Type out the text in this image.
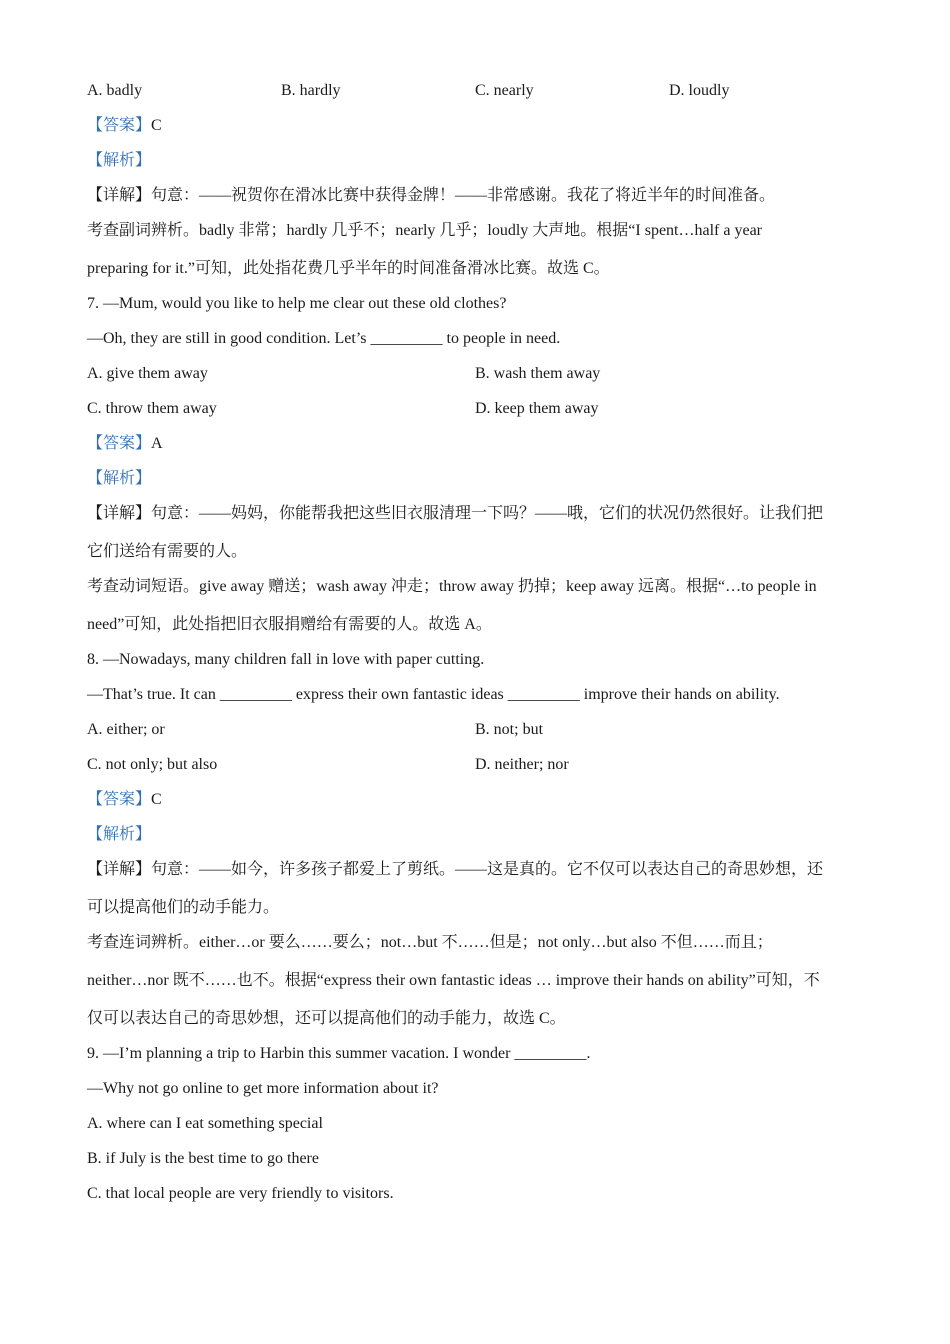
A. badly	B. hardly	C. nearly	D. loudly
【答案】C
【解析】
【详解】句意：——祝贺你在滑冰比赛中获得金牌！——非常感谢。我花了将近半年的时间准备。
考查副词辨析。badly 非常；hardly 几乎不；nearly 几乎；loudly 大声地。根据“I spent…half a year
preparing for it.”可知，此处指花费几乎半年的时间准备滑冰比赛。故选 C。
7. —Mum, would you like to help me clear out these old clothes?
—Oh, they are still in good condition. Let’s _________ to people in need.
A. give them away	B. wash them away
C. throw them away	D. keep them away
【答案】A
【解析】
【详解】句意：——妈妈，你能帮我把这些旧衣服清理一下吗？——哦，它们的状况仍然很好。让我们把
它们送给有需要的人。
考查动词短语。give away 赠送；wash away 冲走；throw away 扔掉；keep away 远离。根据“…to people in
need”可知，此处指把旧衣服捐赠给有需要的人。故选 A。
8. —Nowadays, many children fall in love with paper cutting.
—That’s true. It can _________ express their own fantastic ideas _________ improve their hands on ability.
A. either; or	B. not; but
C. not only; but also	D. neither; nor
【答案】C
【解析】
【详解】句意：——如今，许多孩子都爱上了剪纸。——这是真的。它不仅可以表达自己的奇思妙想，还
可以提高他们的动手能力。
考查连词辨析。either…or 要么……要么；not…but 不……但是；not only…but also 不但……而且；
neither…nor 既不……也不。根据“express their own fantastic ideas … improve their hands on ability”可知，不
仅可以表达自己的奇思妙想，还可以提高他们的动手能力，故选 C。
9. —I’m planning a trip to Harbin this summer vacation. I wonder _________.
—Why not go online to get more information about it?
A. where can I eat something special
B. if July is the best time to go there
C. that local people are very friendly to visitors.
